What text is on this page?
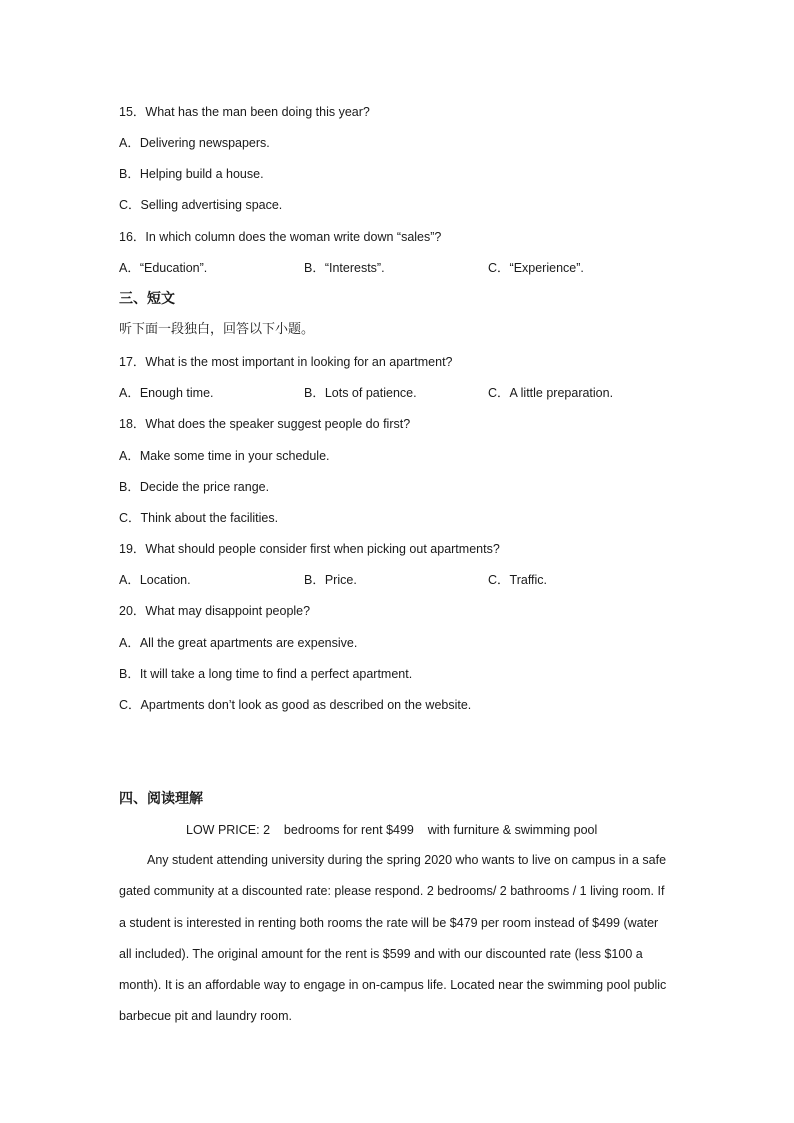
15．What has the man been doing this year?
A．Delivering newspapers.
B．Helping build a house.
C．Selling advertising space.
16．In which column does the woman write down “sales”?
A．“Education”.	B．“Interests”.	C．“Experience”.
三、短文
听下面一段独白，回答以下小题。
17．What is the most important in looking for an apartment?
A．Enough time.	B．Lots of patience.	C．A little preparation.
18．What does the speaker suggest people do first?
A．Make some time in your schedule.
B．Decide the price range.
C．Think about the facilities.
19．What should people consider first when picking out apartments?
A．Location.	B．Price.	C．Traffic.
20．What may disappoint people?
A．All the great apartments are expensive.
B．It will take a long time to find a perfect apartment.
C．Apartments don’t look as good as described on the website.
四、阅读理解
LOW PRICE: 2    bedrooms for rent $499    with furniture & swimming pool
Any student attending university during the spring 2020 who wants to live on campus in a safe gated community at a discounted rate: please respond. 2 bedrooms/ 2 bathrooms / 1 living room. If a student is interested in renting both rooms the rate will be $479 per room instead of $499 (water all included). The original amount for the rent is $599 and with our discounted rate (less $100 a month). It is an affordable way to engage in on-campus life. Located near the swimming pool public barbecue pit and laundry room.
